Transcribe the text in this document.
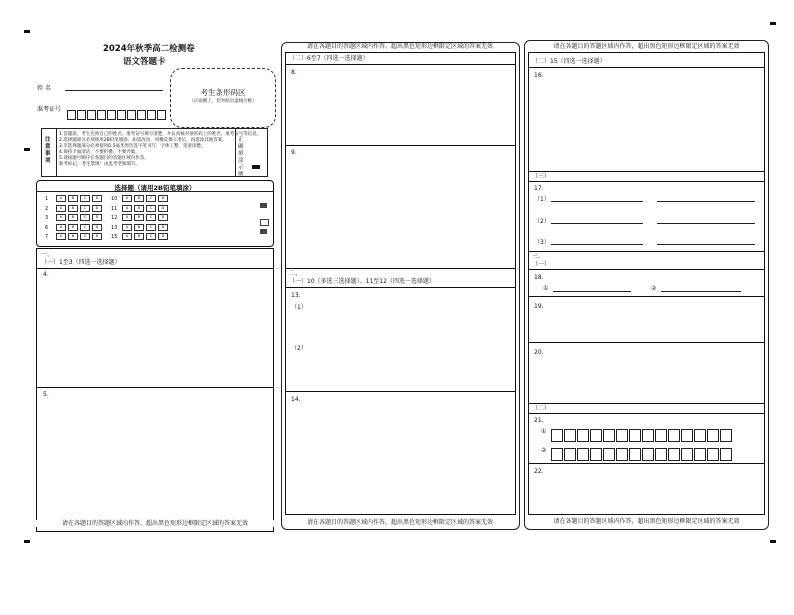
2024年秋季高二检测卷
语文答题卡
姓 名
准考证号
考生条形码区
（正面朝上，切勿贴出虚线方框）
注意事项
1.答题前，考生先将自己的姓名、准考证号填写清楚，并认真核对条形码上的姓名、准考证号等信息。
2.选择题部分必须使用2B铅笔填涂；如需改动，用橡皮擦干净后，再选涂其他答案。
3.非选择题部分必须使用0.5毫米黑色签字笔书写，字体工整，笔迹清楚。
4.保持卡面清洁，不要折叠、不要弄破。
5.请按题号顺序在各题目的答题区域内作答。
缺考标记，考生禁填！由监考老师填写。
正确填涂示例
选择题（请用2B铅笔填涂）
1	A	B	C	D
2	A	B	C	D
3	A	B	C	D
6	A	B	C	D
7	A	B	C	D
10 A	B	C	D
11 A	B	C	D
12 A	B	C	D
13 A	B	C	D
15 A	B	C	D
一、
（一）1至3（四选一选择题）
4.
5.
请在各题目的答题区域内作答，超出黑色矩形边框限定区域的答案无效
请在各题目的答题区域内作答，超出黑色矩形边框限定区域的答案无效
（二）6至7（四选一选择题）
8.
9.
二、
（一）10（多选三选择题）、11至12（四选一选择题）
13.
（1）
（2）
14.
请在各题目的答题区域内作答，超出黑色矩形边框限定区域的答案无效
请在各题目的答题区域内作答，超出黑色矩形边框限定区域的答案无效
（二）15（四选一选择题）
16.
（三）
17.
（1）
（2）
（3）
三、
（一）
18.
①	②
19.
20.
（二）
21.
①
②
22.
请在各题目的答题区域内作答，超出黑色矩形边框限定区域的答案无效
